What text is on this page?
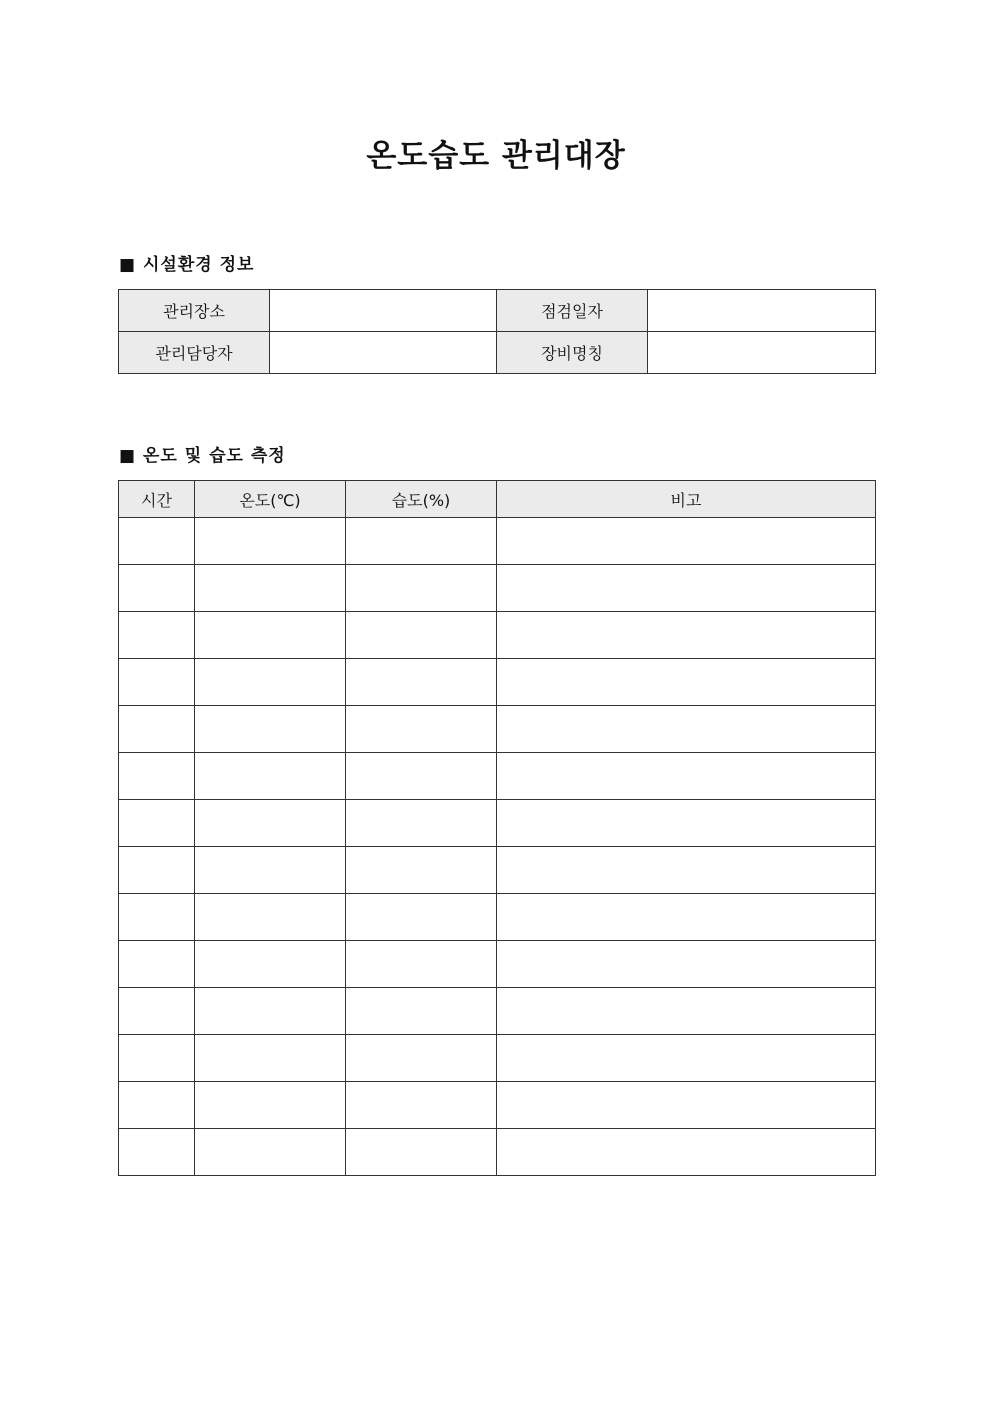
온도습도 관리대장
■ 시설환경 정보
관리장소		점검일자	
관리담당자		장비명칭	
■ 온도 및 습도 측정
시간	온도(℃)	습도(%)	비고
